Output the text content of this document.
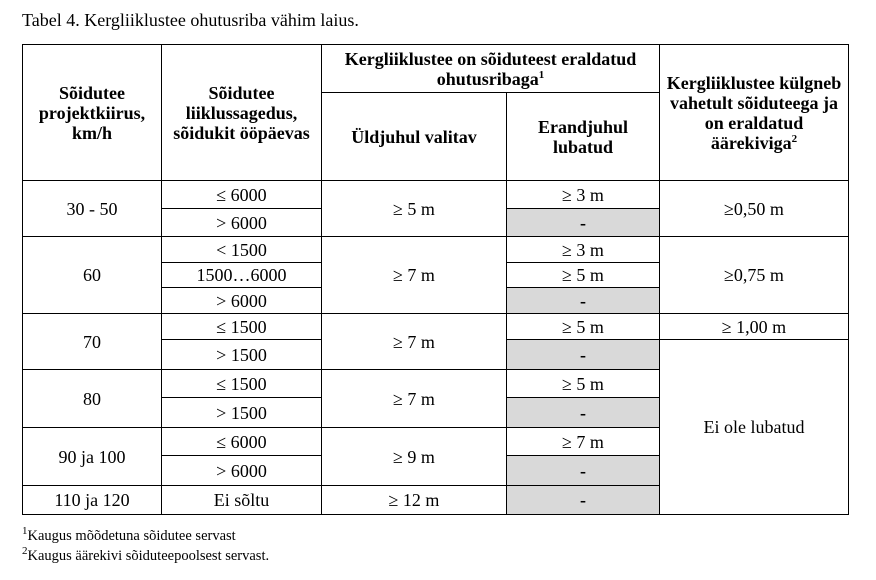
Tabel 4. Kergliiklustee ohutusriba vähim laius.
Sõidutee projektkiirus, km/h	Sõidutee liiklussagedus, sõidukit ööpäevas	Kergliiklustee on sõiduteest eraldatud ohutusribaga$^1$		Kergliiklustee külgneb vahetult sõiduteega ja on eraldatud äärekiviga$^2$
		Üldjuhul valitav	Erandjuhul lubatud	
30 - 50	≤ 6000	≥ 5 m	≥ 3 m	≥0,50 m
	> 6000		-	
60	< 1500	≥ 7 m	≥ 3 m	≥0,75 m
	1500…6000		≥ 5 m	
	> 6000		-	
70	≤ 1500	≥ 7 m	≥ 5 m	≥ 1,00 m
	> 1500		-	Ei ole lubatud
80	≤ 1500	≥ 7 m	≥ 5 m	
	> 1500		-	
90 ja 100	≤ 6000	≥ 9 m	≥ 7 m	
	> 6000		-	
110 ja 120	Ei sõltu	≥ 12 m	-	
$^1$Kaugus mõõdetuna sõidutee servast
$^2$Kaugus äärekivi sõiduteepoolsest servast.
